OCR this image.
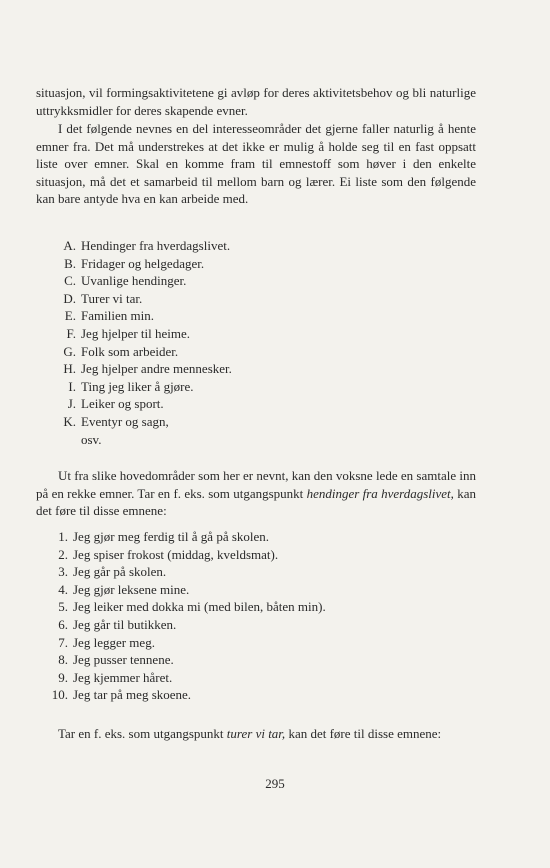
situasjon, vil formingsaktivitetene gi avløp for deres aktivitetsbehov og bli naturlige uttrykksmidler for deres skapende evner.

I det følgende nevnes en del interesseområder det gjerne faller naturlig å hente emner fra. Det må understrekes at det ikke er mulig å holde seg til en fast oppsatt liste over emner. Skal en komme fram til emnestoff som høver i den enkelte situasjon, må det et samarbeid til mellom barn og lærer. Ei liste som den følgende kan bare antyde hva en kan arbeide med.

A. Hendinger fra hverdagslivet.
B. Fridager og helgedager.
C. Uvanlige hendinger.
D. Turer vi tar.
E. Familien min.
F. Jeg hjelper til heime.
G. Folk som arbeider.
H. Jeg hjelper andre mennesker.
I. Ting jeg liker å gjøre.
J. Leiker og sport.
K. Eventyr og sagn,
osv.

Ut fra slike hovedområder som her er nevnt, kan den voksne lede en samtale inn på en rekke emner. Tar en f. eks. som utgangspunkt hendinger fra hverdagslivet, kan det føre til disse emnene:

1. Jeg gjør meg ferdig til å gå på skolen.
2. Jeg spiser frokost (middag, kveldsmat).
3. Jeg går på skolen.
4. Jeg gjør leksene mine.
5. Jeg leiker med dokka mi (med bilen, båten min).
6. Jeg går til butikken.
7. Jeg legger meg.
8. Jeg pusser tennene.
9. Jeg kjemmer håret.
10. Jeg tar på meg skoene.

Tar en f. eks. som utgangspunkt turer vi tar, kan det føre til disse emnene:

295
